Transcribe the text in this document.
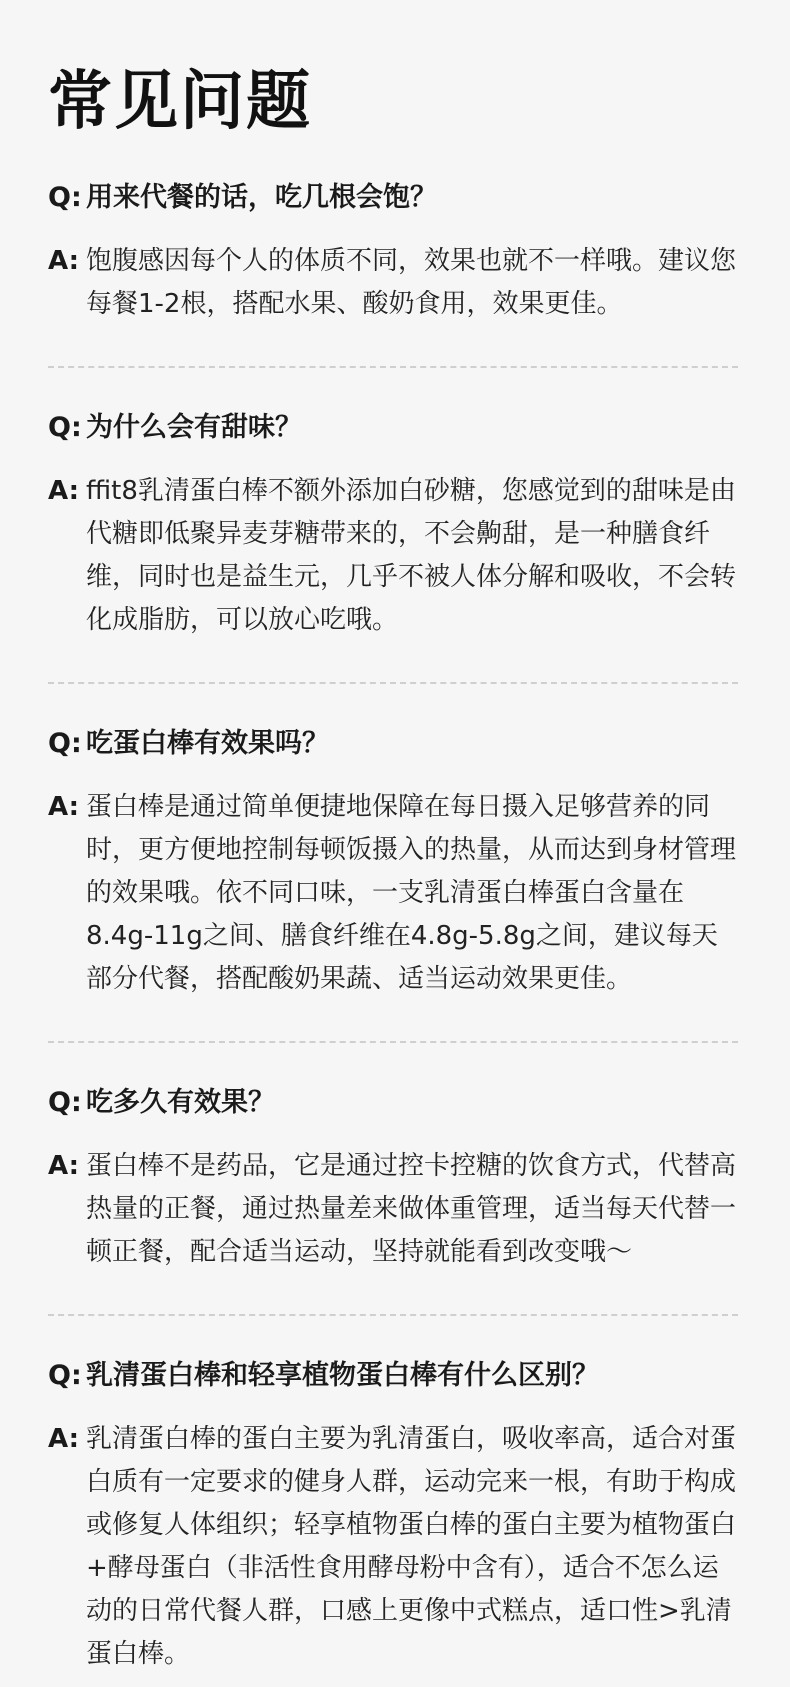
常见问题
Q: 用来代餐的话，吃几根会饱？
A: 饱腹感因每个人的体质不同，效果也就不一样哦。建议您每餐1-2根，搭配水果、酸奶食用，效果更佳。
Q: 为什么会有甜味？
A: ffit8乳清蛋白棒不额外添加白砂糖，您感觉到的甜味是由代糖即低聚异麦芽糖带来的，不会齁甜，是一种膳食纤维，同时也是益生元，几乎不被人体分解和吸收，不会转化成脂肪，可以放心吃哦。
Q: 吃蛋白棒有效果吗？
A: 蛋白棒是通过简单便捷地保障在每日摄入足够营养的同时，更方便地控制每顿饭摄入的热量，从而达到身材管理的效果哦。依不同口味，一支乳清蛋白棒蛋白含量在8.4g-11g之间、膳食纤维在4.8g-5.8g之间，建议每天部分代餐，搭配酸奶果蔬、适当运动效果更佳。
Q: 吃多久有效果？
A: 蛋白棒不是药品，它是通过控卡控糖的饮食方式，代替高热量的正餐，通过热量差来做体重管理，适当每天代替一顿正餐，配合适当运动，坚持就能看到改变哦～
Q: 乳清蛋白棒和轻享植物蛋白棒有什么区别？
A: 乳清蛋白棒的蛋白主要为乳清蛋白，吸收率高，适合对蛋白质有一定要求的健身人群，运动完来一根，有助于构成或修复人体组织；轻享植物蛋白棒的蛋白主要为植物蛋白+酵母蛋白（非活性食用酵母粉中含有），适合不怎么运动的日常代餐人群，口感上更像中式糕点，适口性>乳清蛋白棒。
